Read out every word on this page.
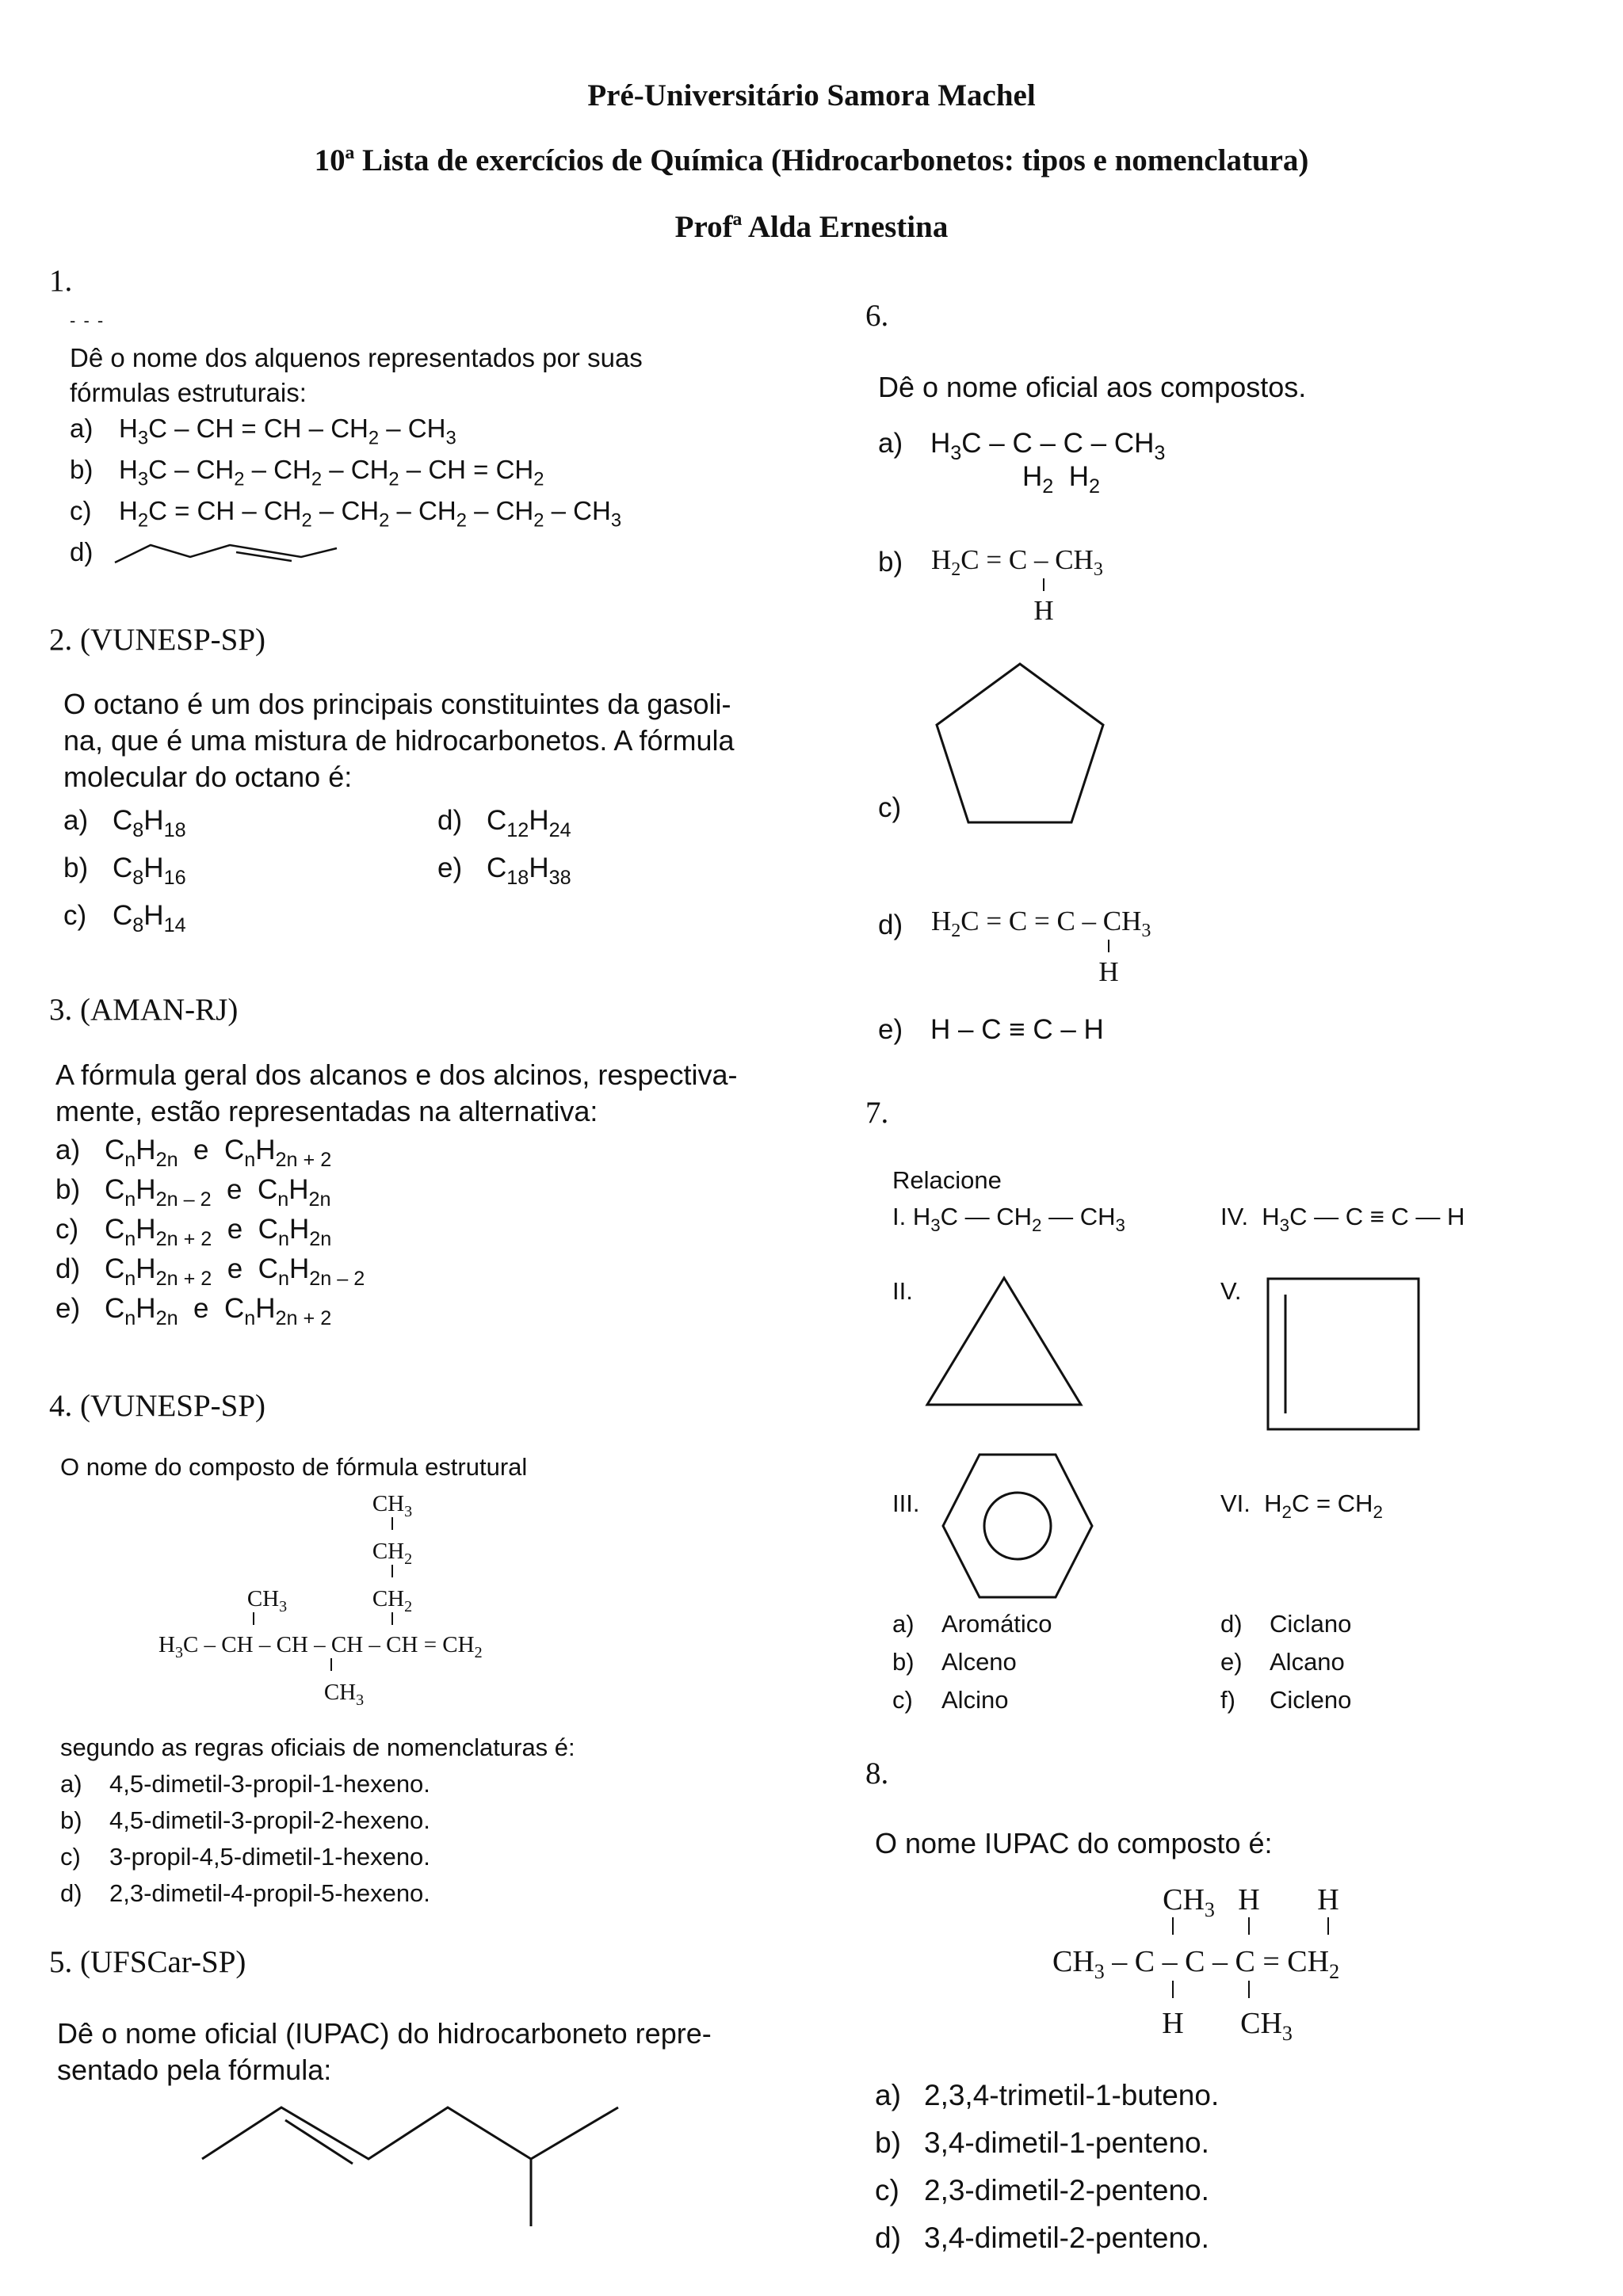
Pré-Universitário Samora Machel
10ª Lista de exercícios de Química (Hidrocarbonetos: tipos e nomenclatura)
Profª Alda Ernestina
1.
- - -
Dê o nome dos alquenos representados por suas
fórmulas estruturais:
a) $H_3C$ – CH = CH – $CH_2 - CH_3$
b) $H_3C - CH_2 - CH_2 - CH_2$ – CH = $CH_2$
c) $H_2C$ = CH – $CH_2 - CH_2 - CH_2 - CH_2 - CH_3$
d)
2. (VUNESP-SP)
O octano é um dos principais constituintes da gasoli-
na, que é uma mistura de hidrocarbonetos. A fórmula
molecular do octano é:
a) $C_8H_{18}$
b) $C_8H_{16}$
c) $C_8H_{14}$
d) $C_{12}H_{24}$
e) $C_{18}H_{38}$
3. (AMAN-RJ)
A fórmula geral dos alcanos e dos alcinos, respectiva-
mente, estão representadas na alternativa:
a) $C_nH_{2n}$  e  $C_nH_{2n + 2}$
b) $C_nH_{2n - 2}$  e  $C_nH_{2n}$
c) $C_nH_{2n + 2}$  e  $C_nH_{2n}$
d) $C_nH_{2n + 2}$  e  $C_nH_{2n - 2}$
e) $C_nH_{2n}$  e  $C_nH_{2n + 2}$
4. (VUNESP-SP)
O nome do composto de fórmula estrutural
$CH_3$
$CH_2$
$CH_2$
$CH_3$
$H_3C$ – CH – CH – CH – CH = $CH_2$
$CH_3$
segundo as regras oficiais de nomenclaturas é:
a) 4,5-dimetil-3-propil-1-hexeno.
b) 4,5-dimetil-3-propil-2-hexeno.
c) 3-propil-4,5-dimetil-1-hexeno.
d) 2,3-dimetil-4-propil-5-hexeno.
5. (UFSCar-SP)
Dê o nome oficial (IUPAC) do hidrocarboneto repre-
sentado pela fórmula:
6.
Dê o nome oficial aos compostos.
a) $H_3C$ – C – C – $CH_3$
$H_2$  $H_2$
b) $H_2C = C - CH_3$
H
c)
d) $H_2C = C = C - CH_3$
H
e) H – C ≡ C – H
7.
Relacione
I. $H_3C$ — $CH_2$ — $CH_3$	IV.  $H_3C$ — C ≡ C — H
II.	V.
III.	VI.  $H_2C = CH_2$
a) Aromático
b) Alceno
c) Alcino
d) Ciclano
e) Alcano
f) Cicleno
8.
O nome IUPAC do composto é:
$CH_3$ H H
$CH_3 - C - C - C = CH_2$
H $CH_3$
a) 2,3,4-trimetil-1-buteno.
b) 3,4-dimetil-1-penteno.
c) 2,3-dimetil-2-penteno.
d) 3,4-dimetil-2-penteno.
